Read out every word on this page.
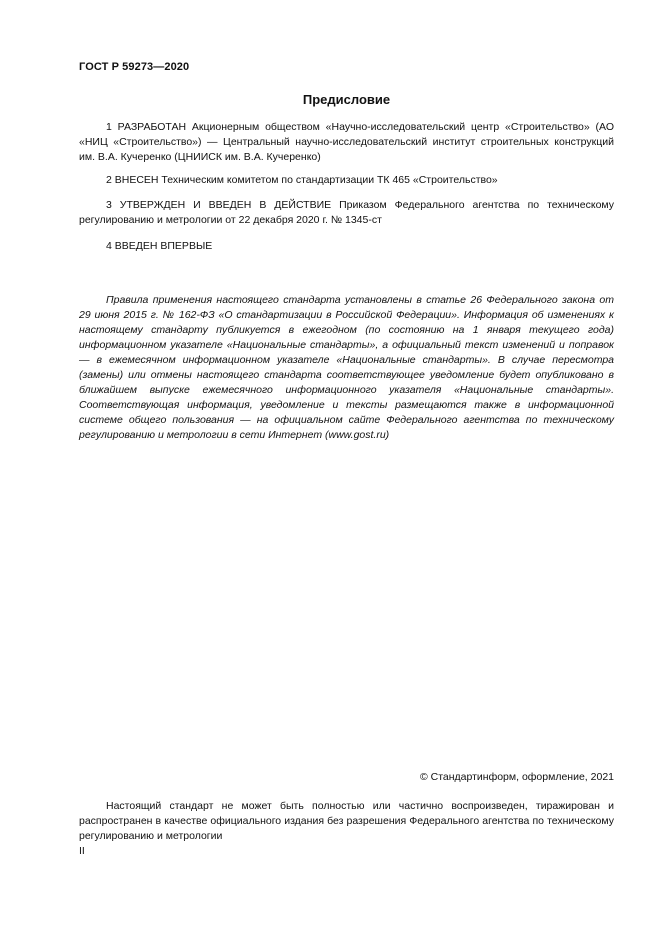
ГОСТ Р 59273—2020
Предисловие
1 РАЗРАБОТАН Акционерным обществом «Научно-исследовательский центр «Строительство» (АО «НИЦ «Строительство») — Центральный научно-исследовательский институт строительных конструкций им. В.А. Кучеренко (ЦНИИСК им. В.А. Кучеренко)
2 ВНЕСЕН Техническим комитетом по стандартизации ТК 465 «Строительство»
3 УТВЕРЖДЕН И ВВЕДЕН В ДЕЙСТВИЕ Приказом Федерального агентства по техническому регулированию и метрологии от 22 декабря 2020 г. № 1345-ст
4 ВВЕДЕН ВПЕРВЫЕ
Правила применения настоящего стандарта установлены в статье 26 Федерального закона от 29 июня 2015 г. № 162-ФЗ «О стандартизации в Российской Федерации». Информация об изменениях к настоящему стандарту публикуется в ежегодном (по состоянию на 1 января текущего года) информационном указателе «Национальные стандарты», а официальный текст изменений и поправок — в ежемесячном информационном указателе «Национальные стандарты». В случае пересмотра (замены) или отмены настоящего стандарта соответствующее уведомление будет опубликовано в ближайшем выпуске ежемесячного информационного указателя «Национальные стандарты». Соответствующая информация, уведомление и тексты размещаются также в информационной системе общего пользования — на официальном сайте Федерального агентства по техническому регулированию и метрологии в сети Интернет (www.gost.ru)
© Стандартинформ, оформление, 2021
Настоящий стандарт не может быть полностью или частично воспроизведен, тиражирован и распространен в качестве официального издания без разрешения Федерального агентства по техническому регулированию и метрологии
II
